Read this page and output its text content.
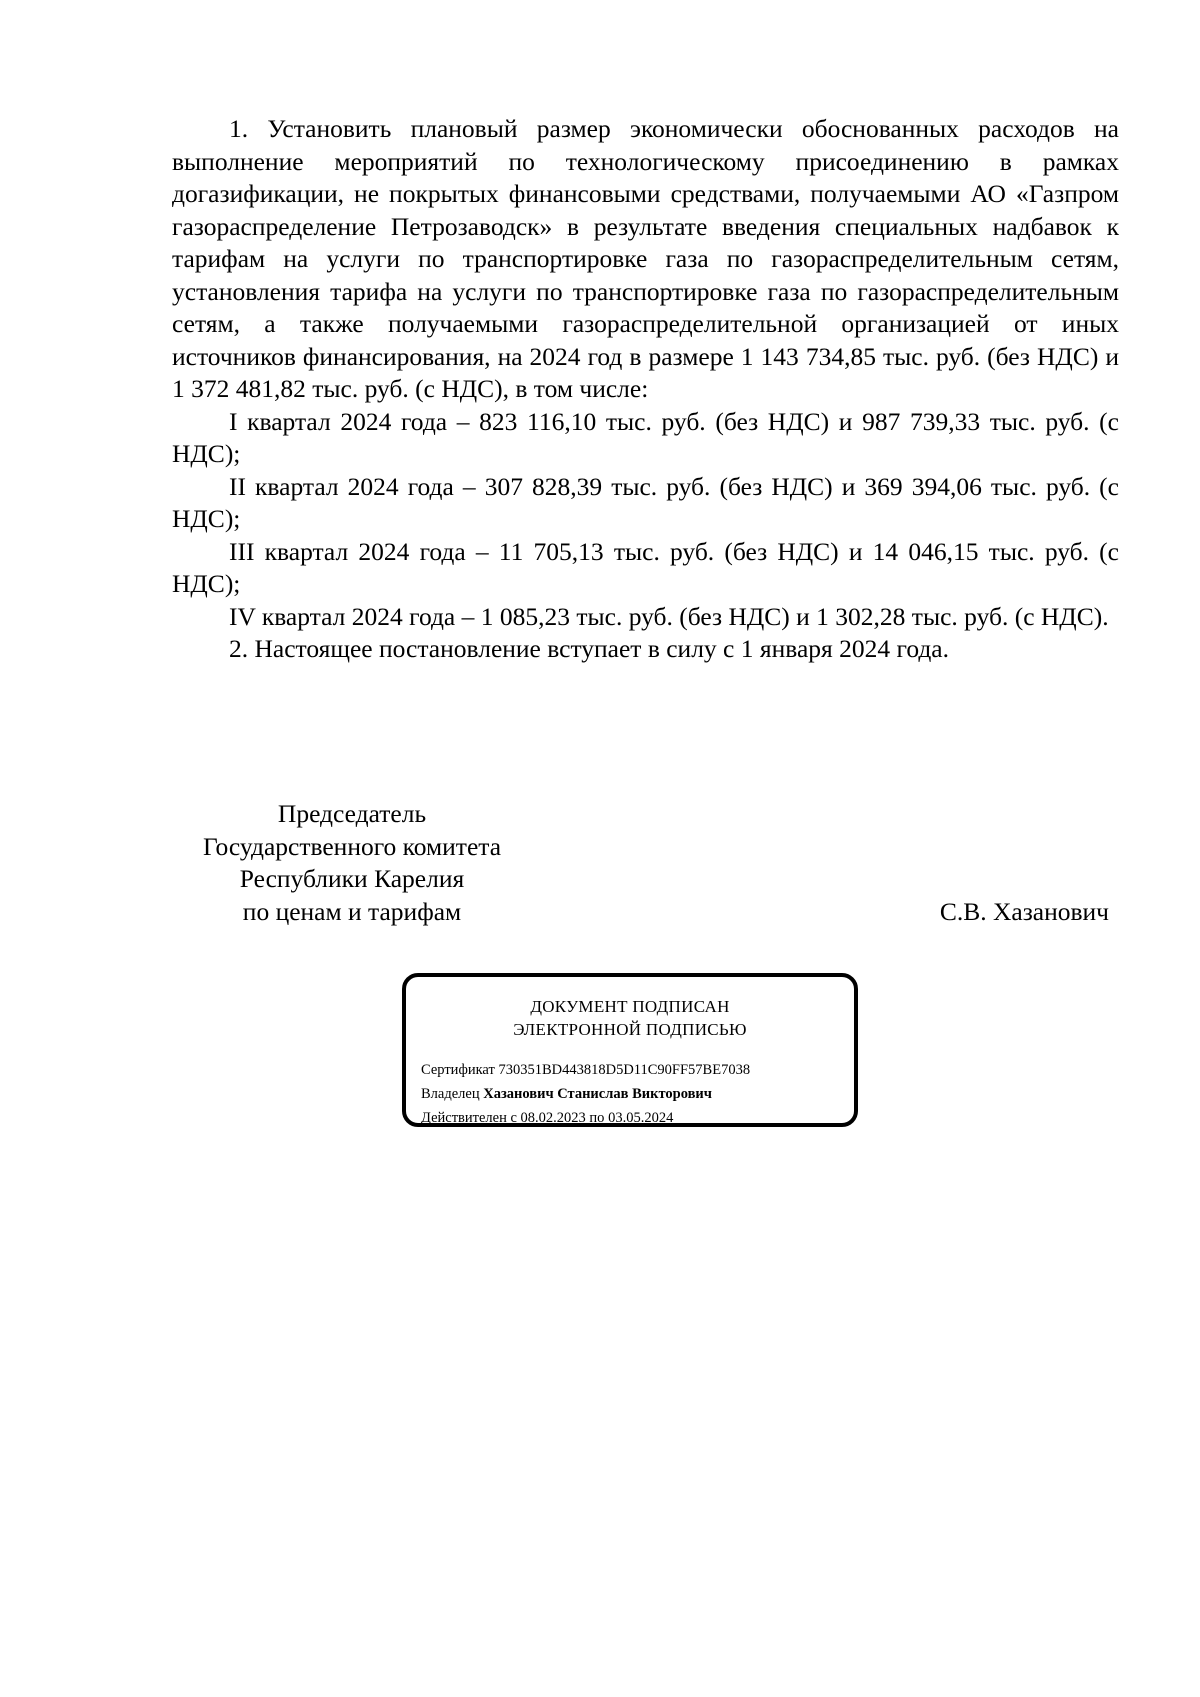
1. Установить плановый размер экономически обоснованных расходов на выполнение мероприятий по технологическому присоединению в рамках догазификации, не покрытых финансовыми средствами, получаемыми АО «Газпром газораспределение Петрозаводск» в результате введения специальных надбавок к тарифам на услуги по транспортировке газа по газораспределительным сетям, установления тарифа на услуги по транспортировке газа по газораспределительным сетям, а также получаемыми газораспределительной организацией от иных источников финансирования, на 2024 год в размере 1 143 734,85 тыс. руб. (без НДС) и 1 372 481,82 тыс. руб. (с НДС), в том числе:

I квартал 2024 года – 823 116,10 тыс. руб. (без НДС) и 987 739,33 тыс. руб. (с НДС);

II квартал 2024 года – 307 828,39 тыс. руб. (без НДС) и 369 394,06 тыс. руб. (с НДС);

III квартал 2024 года – 11 705,13 тыс. руб. (без НДС) и 14 046,15 тыс. руб. (с НДС);

IV квартал 2024 года – 1 085,23 тыс. руб. (без НДС) и 1 302,28 тыс. руб. (с НДС).

2. Настоящее постановление вступает в силу с 1 января 2024 года.

Председатель
Государственного комитета
Республики Карелия
по ценам и тарифам	С.В. Хазанович
ДОКУМЕНТ ПОДПИСАН
ЭЛЕКТРОННОЙ ПОДПИСЬЮ
Сертификат 730351BD443818D5D11C90FF57BE7038
Владелец Хазанович Станислав Викторович
Действителен с 08.02.2023 по 03.05.2024
